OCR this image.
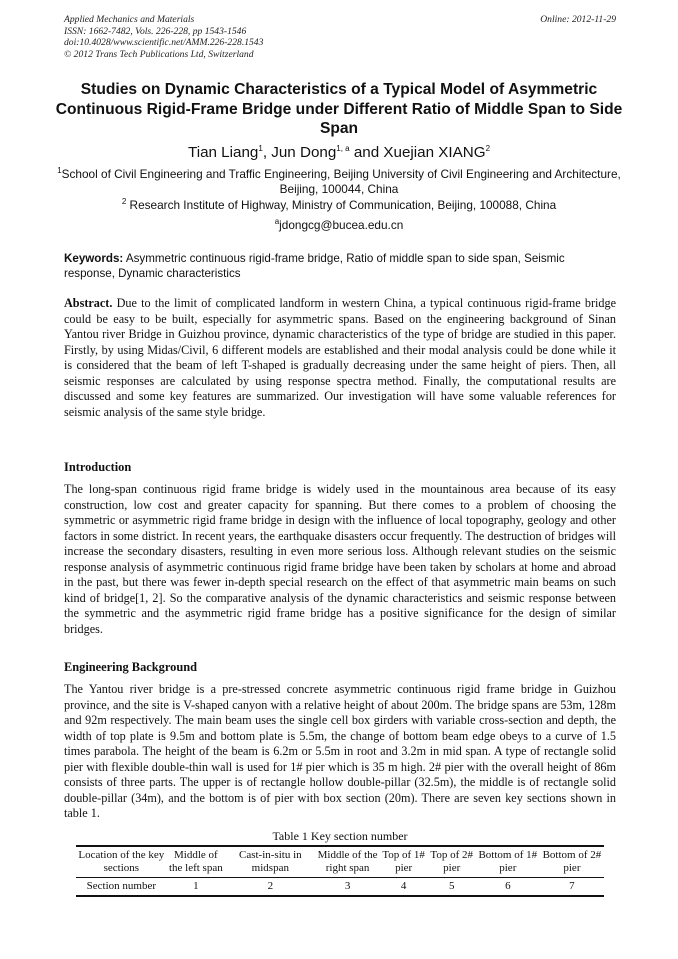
Applied Mechanics and Materials
ISSN: 1662-7482, Vols. 226-228, pp 1543-1546
doi:10.4028/www.scientific.net/AMM.226-228.1543
© 2012 Trans Tech Publications Ltd, Switzerland
Online: 2012-11-29
Studies on Dynamic Characteristics of a Typical Model of Asymmetric Continuous Rigid-Frame Bridge under Different Ratio of Middle Span to Side Span
Tian Liang$^1$, Jun Dong$^{1, a}$ and Xuejian XIANG$^2$
$^1$School of Civil Engineering and Traffic Engineering, Beijing University of Civil Engineering and Architecture, Beijing, 100044, China
$^2$ Research Institute of Highway, Ministry of Communication, Beijing, 100088, China
$^a$jdongcg@bucea.edu.cn
Keywords: Asymmetric continuous rigid-frame bridge, Ratio of middle span to side span, Seismic response, Dynamic characteristics
Abstract. Due to the limit of complicated landform in western China, a typical continuous rigid-frame bridge could be easy to be built, especially for asymmetric spans. Based on the engineering background of Sinan Yantou river Bridge in Guizhou province, dynamic characteristics of the type of bridge are studied in this paper. Firstly, by using Midas/Civil, 6 different models are established and their modal analysis could be done while it is considered that the beam of left T-shaped is gradually decreasing under the same height of piers. Then, all seismic responses are calculated by using response spectra method. Finally, the computational results are discussed and some key features are summarized. Our investigation will have some valuable references for seismic analysis of the same style bridge.
Introduction
The long-span continuous rigid frame bridge is widely used in the mountainous area because of its easy construction, low cost and greater capacity for spanning. But there comes to a problem of choosing the symmetric or asymmetric rigid frame bridge in design with the influence of local topography, geology and other factors in some district. In recent years, the earthquake disasters occur frequently. The destruction of bridges will increase the secondary disasters, resulting in even more serious loss. Although relevant studies on the seismic response analysis of asymmetric continuous rigid frame bridge have been taken by scholars at home and abroad in the past, but there was fewer in-depth special research on the effect of that asymmetric main beams on such kind of bridge[1, 2]. So the comparative analysis of the dynamic characteristics and seismic response between the symmetric and the asymmetric rigid frame bridge has a positive significance for the design of similar bridges.
Engineering Background
The Yantou river bridge is a pre-stressed concrete asymmetric continuous rigid frame bridge in Guizhou province, and the site is V-shaped canyon with a relative height of about 200m. The bridge spans are 53m, 128m and 92m respectively. The main beam uses the single cell box girders with variable cross-section and depth, the width of top plate is 9.5m and bottom plate is 5.5m, the change of bottom beam edge obeys to a curve of 1.5 times parabola. The height of the beam is 6.2m or 5.5m in root and 3.2m in mid span. A type of rectangle solid pier with flexible double-thin wall is used for 1# pier which is 35 m high. 2# pier with the overall height of 86m consists of three parts. The upper is of rectangle hollow double-pillar (32.5m), the middle is of rectangle solid double-pillar (34m), and the bottom is of pier with box section (20m). There are seven key sections shown in table 1.
Table 1 Key section number
Location of the key sections	Middle of the left span	Cast-in-situ in midspan	Middle of the right span	Top of 1# pier	Top of 2# pier	Bottom of 1# pier	Bottom of 2# pier
Section number	1	2	3	4	5	6	7
